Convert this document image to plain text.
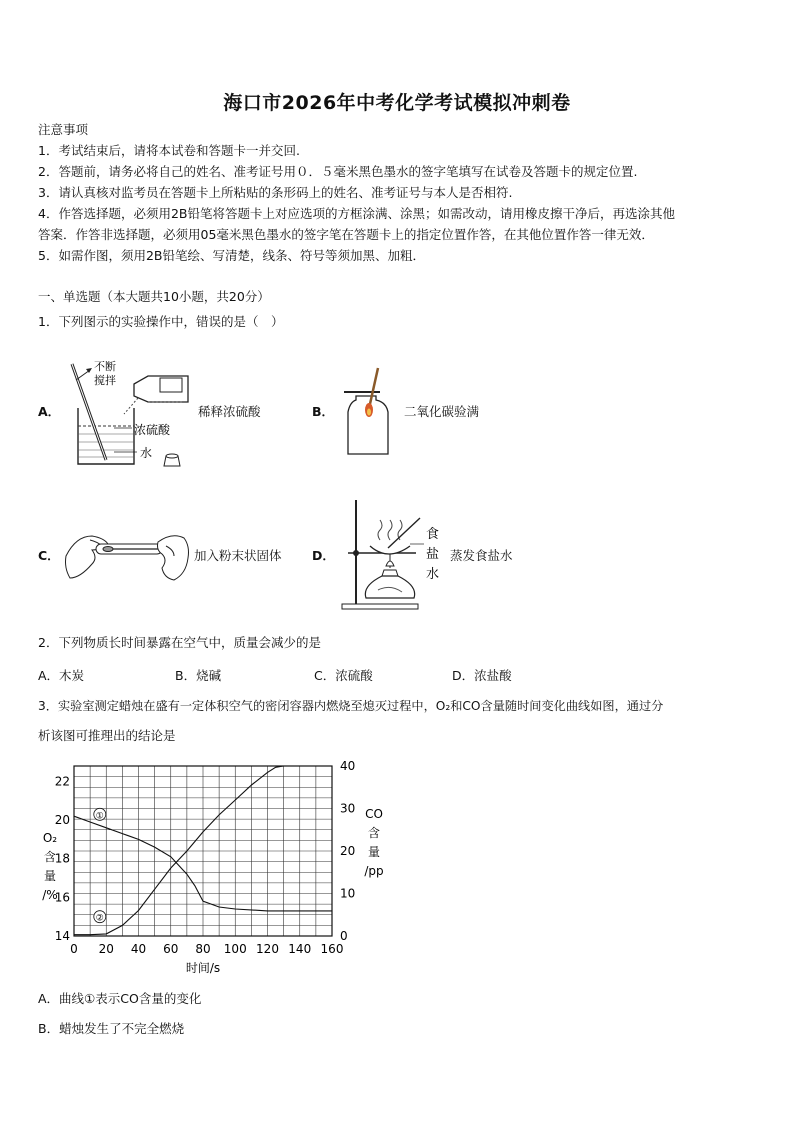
海口市2026年中考化学考试模拟冲刺卷
注意事项
1．考试结束后，请将本试卷和答题卡一并交回.
2．答题前，请务必将自己的姓名、准考证号用０．５毫米黑色墨水的签字笔填写在试卷及答题卡的规定位置.
3．请认真核对监考员在答题卡上所粘贴的条形码上的姓名、准考证号与本人是否相符.
4．作答选择题，必须用2B铅笔将答题卡上对应选项的方框涂满、涂黑；如需改动，请用橡皮擦干净后，再选涂其他
答案．作答非选择题，必须用05毫米黑色墨水的签字笔在答题卡上的指定位置作答，在其他位置作答一律无效．
5．如需作图，须用2B铅笔绘、写清楚，线条、符号等须加黑、加粗．
一、单选题（本大题共10小题，共20分）
1．下列图示的实验操作中，错误的是（　）
A．
不断
搅拌
浓硫酸
水
稀释浓硫酸	B．	二氧化碳验满
C．	加入粉末状固体 D．
食
盐
水
蒸发食盐水
2．下列物质长时间暴露在空气中，质量会减少的是
A．木炭	B．烧碱	C．浓硫酸	D．浓盐酸
3．实验室测定蜡烛在盛有一定体积空气的密闭容器内燃烧至熄灭过程中，O₂和CO含量随时间变化曲线如图，通过分
析该图可推理出的结论是
0 20 40 60 80 100 120 140 160
14
16
18
20
22
0
10
20
30
40
时间/s
O₂
含
量
/%
CO
含
量
/pp
①
②
A．曲线①表示CO含量的变化
B．蜡烛发生了不完全燃烧
